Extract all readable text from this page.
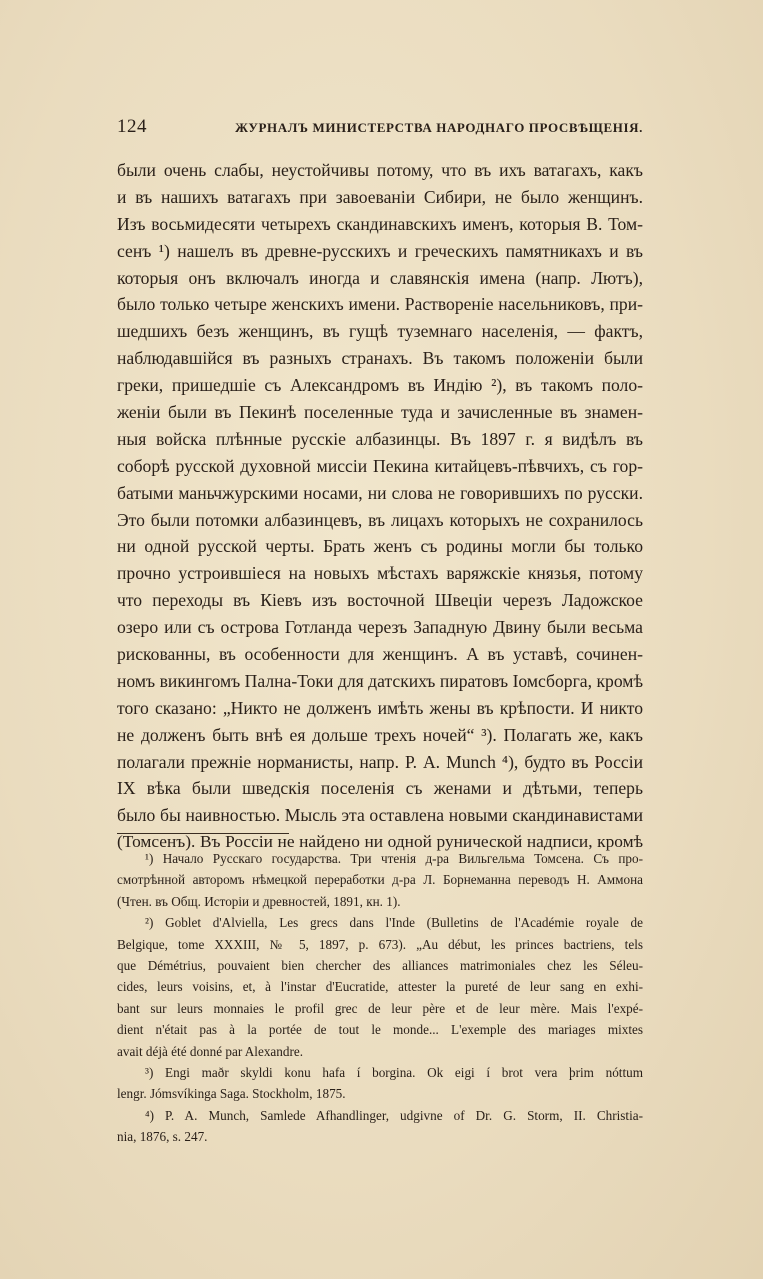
124	ЖУРНАЛЪ МИНИСТЕРСТВА НАРОДНАГО ПРОСВѢЩЕНІЯ.
были очень слабы, неустойчивы потому, что въ ихъ ватагахъ, какъ
и въ нашихъ ватагахъ при завоеваніи Сибири, не было женщинъ.
Изъ восьмидесяти четырехъ скандинавскихъ именъ, которыя В. Том-
сенъ ¹) нашелъ въ древне-русскихъ и греческихъ памятникахъ и въ
которыя онъ включалъ иногда и славянскія имена (напр. Лютъ),
было только четыре женскихъ имени. Раствореніе насельниковъ, при-
шедшихъ безъ женщинъ, въ гущѣ туземнаго населенія, — фактъ,
наблюдавшійся въ разныхъ странахъ. Въ такомъ положеніи были
греки, пришедшіе съ Александромъ въ Индію ²), въ такомъ поло-
женіи были въ Пекинѣ поселенные туда и зачисленные въ знамен-
ныя войска плѣнные русскіе албазинцы. Въ 1897 г. я видѣлъ въ
соборѣ русской духовной миссіи Пекина китайцевъ-пѣвчихъ, съ гор-
батыми маньчжурскими носами, ни слова не говорившихъ по русски.
Это были потомки албазинцевъ, въ лицахъ которыхъ не сохранилось
ни одной русской черты. Брать женъ съ родины могли бы только
прочно устроившіеся на новыхъ мѣстахъ варяжскіе князья, потому
что переходы въ Кіевъ изъ восточной Швеціи черезъ Ладожское
озеро или съ острова Готланда черезъ Западную Двину были весьма
рискованны, въ особенности для женщинъ. А въ уставѣ, сочинен-
номъ викингомъ Пална-Токи для датскихъ пиратовъ Іомсборга, кромѣ
того сказано: „Никто не долженъ имѣть жены въ крѣпости. И никто
не долженъ быть внѣ ея дольше трехъ ночей“ ³). Полагать же, какъ
полагали прежніе норманисты, напр. Р. А. Munch ⁴), будто въ Россіи
IX вѣка были шведскія поселенія съ женами и дѣтьми, теперь
было бы наивностью. Мысль эта оставлена новыми скандинавистами
(Томсенъ). Въ Россіи не найдено ни одной рунической надписи, кромѣ
¹) Начало Русскаго государства. Три чтенія д-ра Вильгельма Томсена. Съ про-
смотрѣнной авторомъ нѣмецкой переработки д-ра Л. Борнеманна переводъ Н. Аммона
(Чтен. въ Общ. Исторіи и древностей, 1891, кн. 1).
²) Goblet d'Alviella, Les grecs dans l'Inde (Bulletins de l'Académie royale de
Belgique, tome XXXIII, № 5, 1897, p. 673). „Au début, les princes bactriens, tels
que Démétrius, pouvaient bien chercher des alliances matrimoniales chez les Séleu-
cides, leurs voisins, et, à l'instar d'Eucratide, attester la pureté de leur sang en exhi-
bant sur leurs monnaies le profil grec de leur père et de leur mère. Mais l'expé-
dient n'était pas à la portée de tout le monde... L'exemple des mariages mixtes
avait déjà été donné par Alexandre.
³) Engi maðr skyldi konu hafa í borgina. Ok eigi í brot vera þrim nóttum
lengr. Jómsvíkinga Saga. Stockholm, 1875.
⁴) P. A. Munch, Samlede Afhandlinger, udgivne of Dr. G. Storm, II. Christia-
nia, 1876, s. 247.
